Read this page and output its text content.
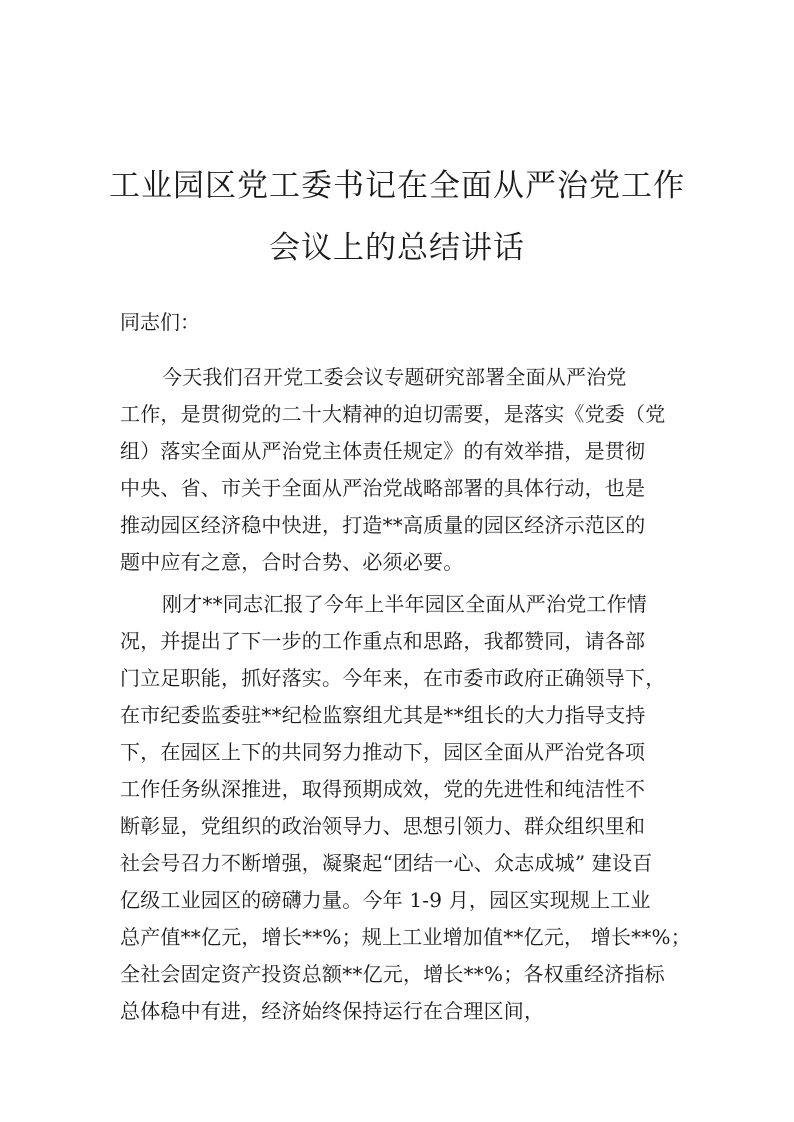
工业园区党工委书记在全面从严治党工作
会议上的总结讲话
同志们：
今天我们召开党工委会议专题研究部署全面从严治党
工作，是贯彻党的二十大精神的迫切需要，是落实《党委（党
组）落实全面从严治党主体责任规定》的有效举措，是贯彻
中央、省、市关于全面从严治党战略部署的具体行动，也是
推动园区经济稳中快进，打造**高质量的园区经济示范区的
题中应有之意，合时合势、必须必要。
刚才**同志汇报了今年上半年园区全面从严治党工作情
况，并提出了下一步的工作重点和思路，我都赞同，请各部
门立足职能，抓好落实。今年来，在市委市政府正确领导下，
在市纪委监委驻**纪检监察组尤其是**组长的大力指导支持
下，在园区上下的共同努力推动下，园区全面从严治党各项
工作任务纵深推进，取得预期成效，党的先进性和纯洁性不
断彰显，党组织的政治领导力、思想引领力、群众组织里和
社会号召力不断增强，凝聚起“团结一心、众志成城” 建设百
亿级工业园区的磅礴力量。今年 1-9 月，园区实现规上工业
总产值**亿元，增长**%；规上工业增加值**亿元， 增长**%；
全社会固定资产投资总额**亿元，增长**%；各权重经济指标
总体稳中有进，经济始终保持运行在合理区间，
